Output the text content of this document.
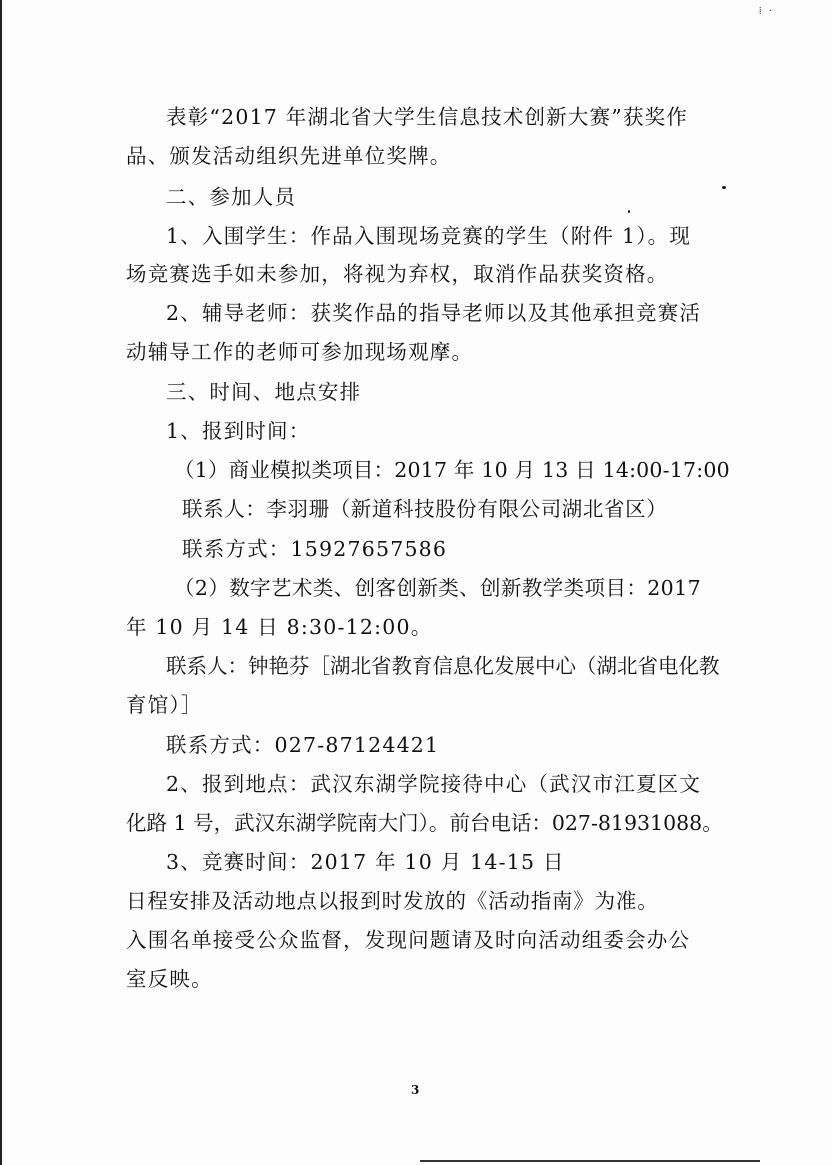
⁞ ·
表彰“2017 年湖北省大学生信息技术创新大赛”获奖作
品、颁发活动组织先进单位奖牌。
二、参加人员
1、入围学生：作品入围现场竞赛的学生（附件 1）。现
场竞赛选手如未参加，将视为弃权，取消作品获奖资格。
2、辅导老师：获奖作品的指导老师以及其他承担竞赛活
动辅导工作的老师可参加现场观摩。
三、时间、地点安排
1、报到时间：
（1）商业模拟类项目：2017 年 10 月 13 日 14:00-17:00
联系人：李羽珊（新道科技股份有限公司湖北省区）
联系方式：15927657586
（2）数字艺术类、创客创新类、创新教学类项目：2017
年 10 月 14 日 8:30-12:00。
联系人：钟艳芬［湖北省教育信息化发展中心（湖北省电化教
育馆）］
联系方式：027-87124421
2、报到地点：武汉东湖学院接待中心（武汉市江夏区文
化路 1 号，武汉东湖学院南大门）。前台电话：027-81931088。
3、竞赛时间：2017 年 10 月 14-15 日
日程安排及活动地点以报到时发放的《活动指南》为准。
入围名单接受公众监督，发现问题请及时向活动组委会办公
室反映。
3
